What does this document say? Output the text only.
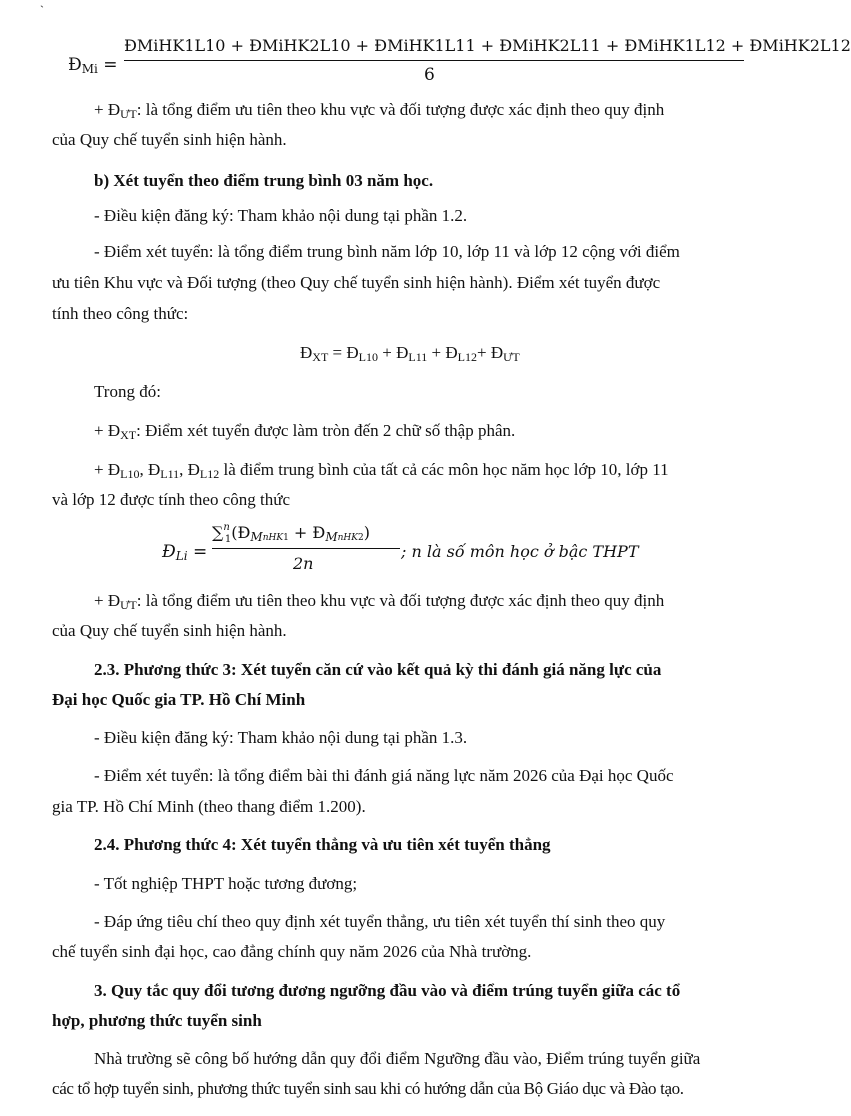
`
$Đ_{Mi}$ =
ĐMiHK1L10 + ĐMiHK2L10 + ĐMiHK1L11 + ĐMiHK2L11 + ĐMiHK1L12 + ĐMiHK2L12
6
+ $Đ_{ƯT}$: là tổng điểm ưu tiên theo khu vực và đối tượng được xác định theo quy định
của Quy chế tuyển sinh hiện hành.
b) Xét tuyển theo điểm trung bình 03 năm học.
- Điều kiện đăng ký: Tham khảo nội dung tại phần 1.2.
- Điểm xét tuyển: là tổng điểm trung bình năm lớp 10, lớp 11 và lớp 12 cộng với điểm
ưu tiên Khu vực và Đối tượng (theo Quy chế tuyển sinh hiện hành). Điểm xét tuyển được
tính theo công thức:
$Đ_{XT}$ = $Đ_{L10}$ + $Đ_{L11}$ + $Đ_{L12}+$ $Đ_{ƯT}$
Trong đó:
+ $Đ_{XT}$: Điểm xét tuyển được làm tròn đến 2 chữ số thập phân.
+ $Đ_{L10}$, $Đ_{L11}$, $Đ_{L12}$ là điểm trung bình của tất cả các môn học năm học lớp 10, lớp 11
và lớp 12 được tính theo công thức
$Đ_{Li}$ =
$\sum^n_1(Đ_{MnHK1}$ + $Đ_{MnHK2}$)
2n
; n là số môn học ở bậc THPT
+ $Đ_{ƯT}$: là tổng điểm ưu tiên theo khu vực và đối tượng được xác định theo quy định
của Quy chế tuyển sinh hiện hành.
2.3. Phương thức 3: Xét tuyển căn cứ vào kết quả kỳ thi đánh giá năng lực của
Đại học Quốc gia TP. Hồ Chí Minh
- Điều kiện đăng ký: Tham khảo nội dung tại phần 1.3.
- Điểm xét tuyển: là tổng điểm bài thi đánh giá năng lực năm 2026 của Đại học Quốc
gia TP. Hồ Chí Minh (theo thang điểm 1.200).
2.4. Phương thức 4: Xét tuyển thẳng và ưu tiên xét tuyển thẳng
- Tốt nghiệp THPT hoặc tương đương;
- Đáp ứng tiêu chí theo quy định xét tuyển thẳng, ưu tiên xét tuyển thí sinh theo quy
chế tuyển sinh đại học, cao đẳng chính quy năm 2026 của Nhà trường.
3. Quy tắc quy đổi tương đương ngưỡng đầu vào và điểm trúng tuyển giữa các tổ
hợp, phương thức tuyển sinh
Nhà trường sẽ công bố hướng dẫn quy đổi điểm Ngưỡng đầu vào, Điểm trúng tuyển giữa
các tổ hợp tuyển sinh, phương thức tuyển sinh sau khi có hướng dẫn của Bộ Giáo dục và Đào tạo.
